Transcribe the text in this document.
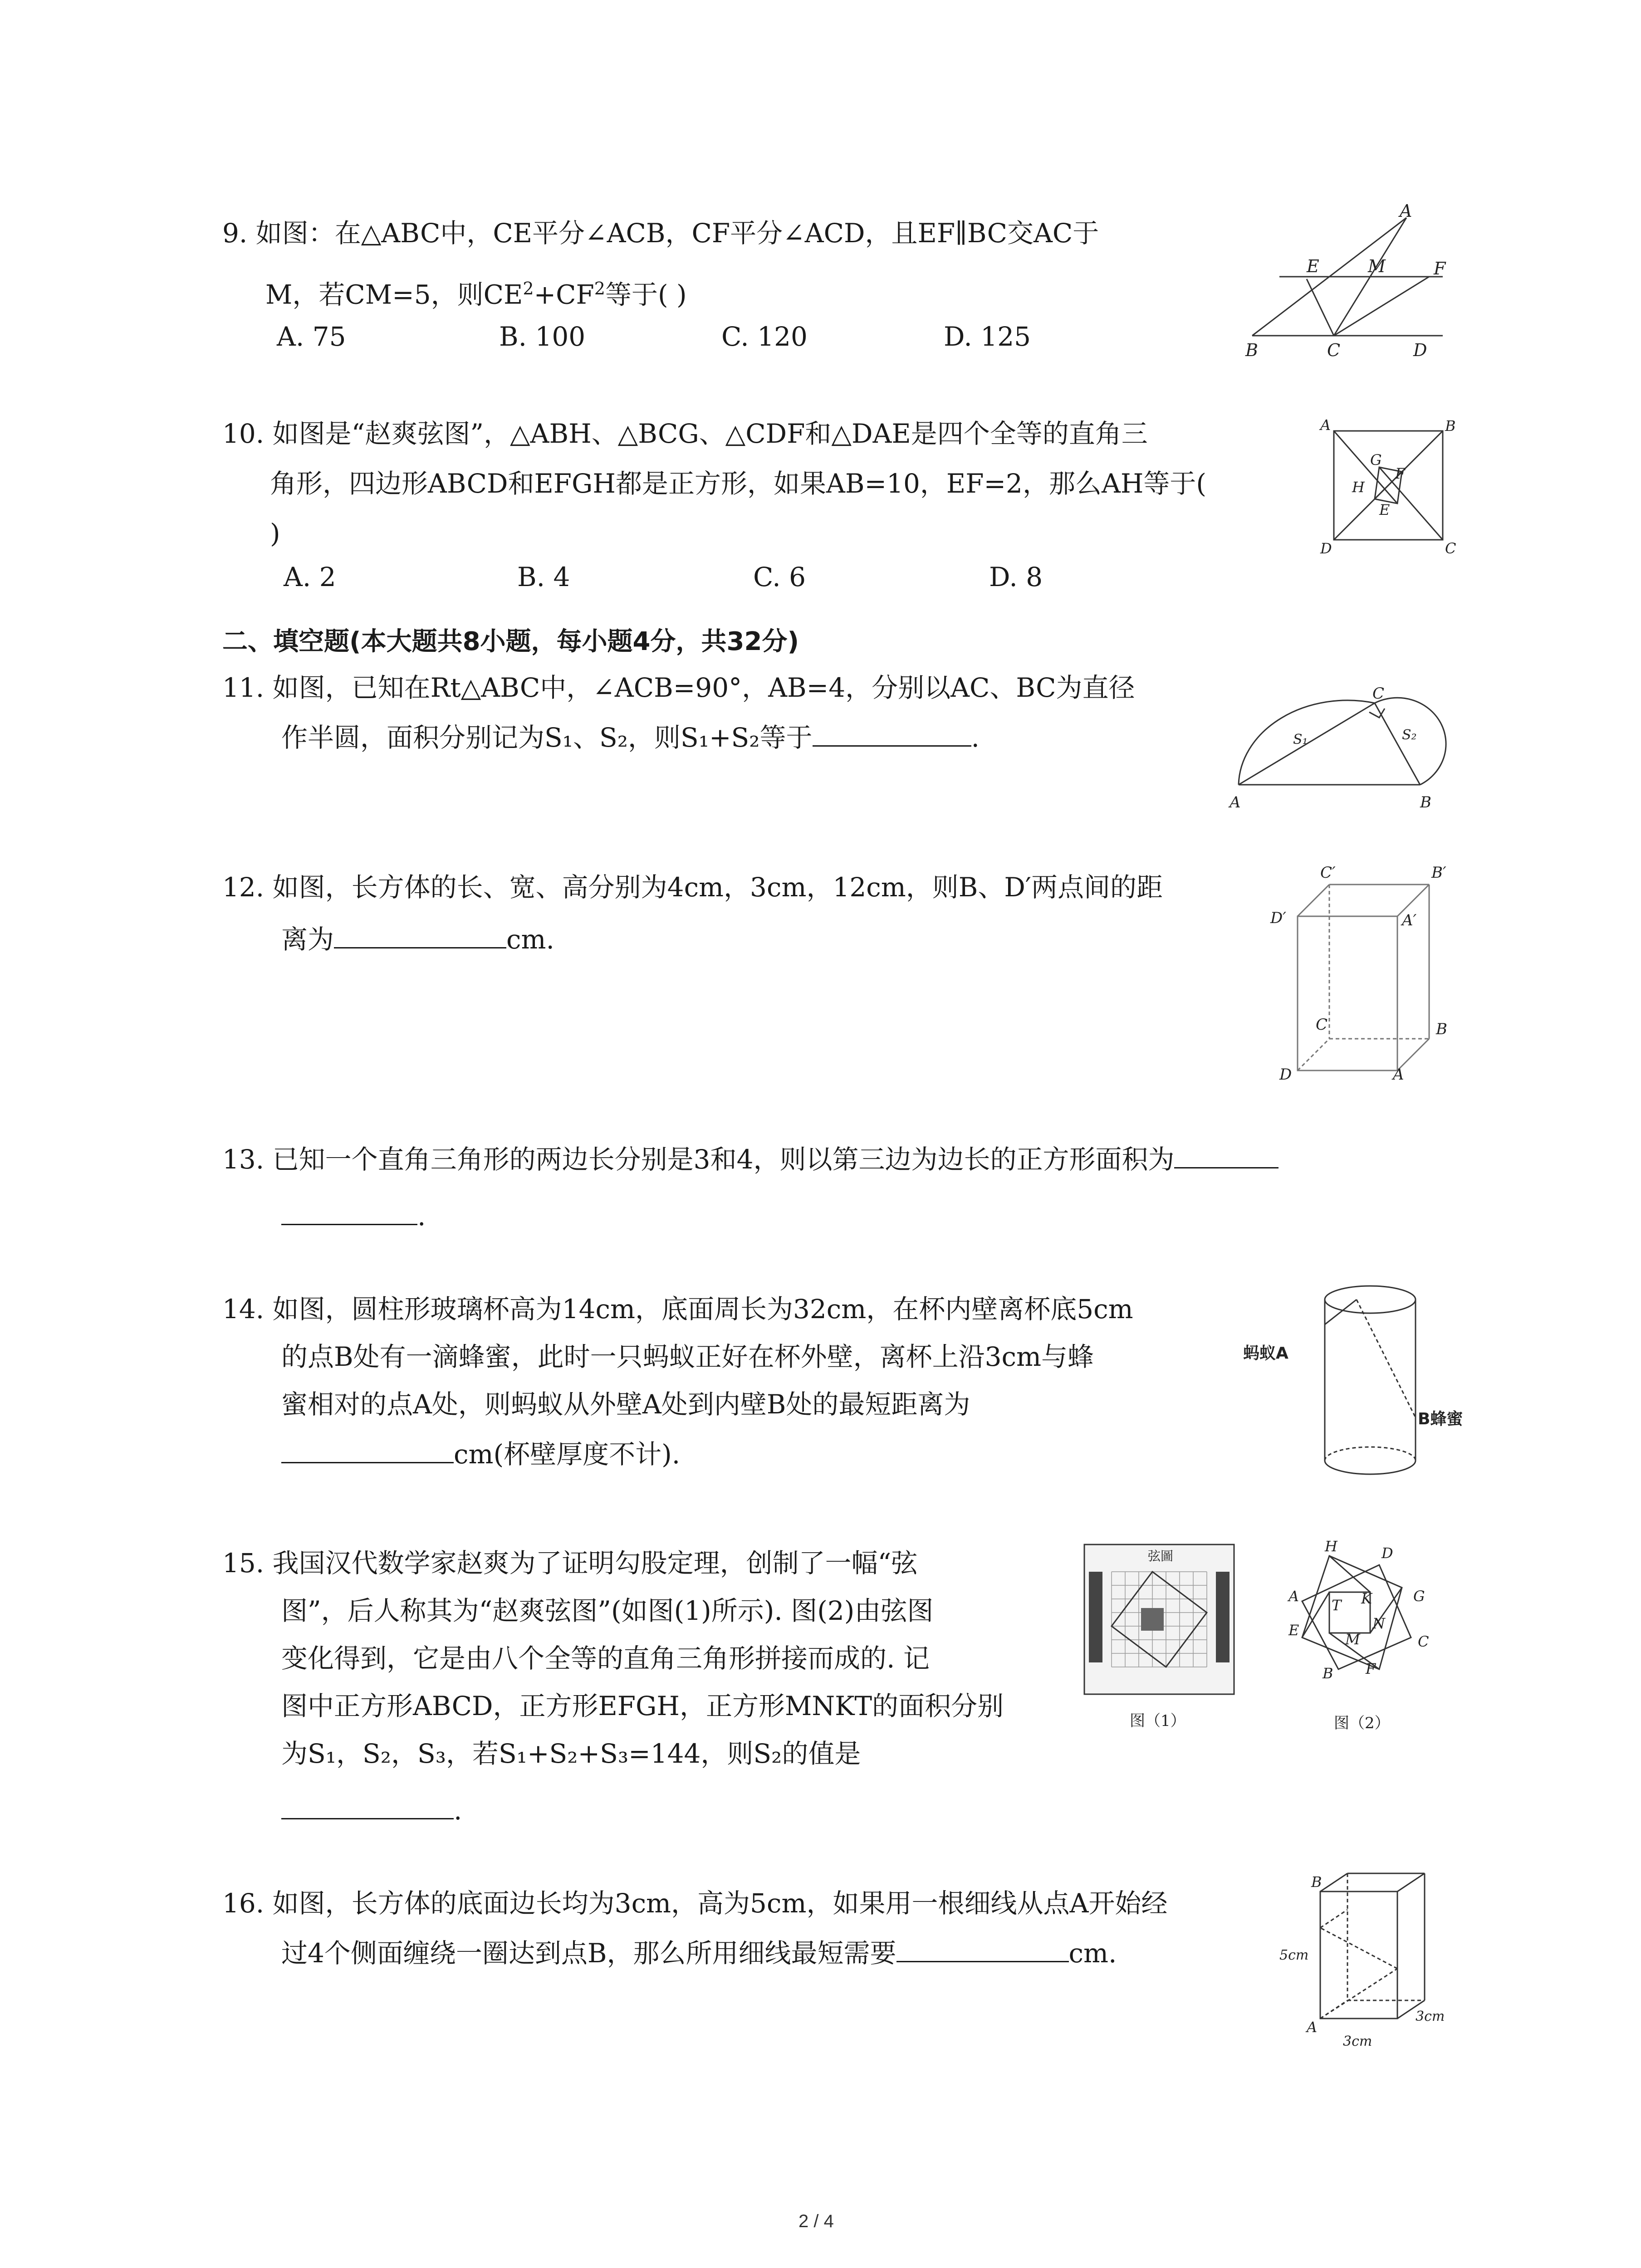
9. 如图：在△ABC中，CE平分∠ACB，CF平分∠ACD，且EF∥BC交AC于
M，若CM=5，则$CE^2+CF^2$等于( )
A. 75	B. 100	C. 120	D. 125
A
E	M	F
B	C	D
10. 如图是“赵爽弦图”，△ABH、△BCG、△CDF和△DAE是四个全等的直角三
角形，四边形ABCD和EFGH都是正方形，如果AB=10，EF=2，那么AH等于(
)
A. 2	B. 4	C. 6	D. 8
A	B
G
F
H
E
D	C
二、填空题(本大题共8小题，每小题4分，共32分)
11. 如图，已知在Rt△ABC中，∠ACB=90°，AB=4，分别以AC、BC为直径
作半圆，面积分别记为S₁、S₂，则S₁+S₂等于	.
C
S₁	S₂
A	B
12. 如图，长方体的长、宽、高分别为4cm，3cm，12cm，则B、D′两点间的距
离为	cm.
C′	B′
D′	A′
C	B
D	A
13. 已知一个直角三角形的两边长分别是3和4，则以第三边为边长的正方形面积为
.
14. 如图，圆柱形玻璃杯高为14cm，底面周长为32cm，在杯内壁离杯底5cm
的点B处有一滴蜂蜜，此时一只蚂蚁正好在杯外壁，离杯上沿3cm与蜂
蜜相对的点A处，则蚂蚁从外壁A处到内壁B处的最短距离为
cm(杯壁厚度不计).
蚂蚁A
B蜂蜜
15. 我国汉代数学家赵爽为了证明勾股定理，创制了一幅“弦
图”，后人称其为“赵爽弦图”(如图(1)所示). 图(2)由弦图
变化得到，它是由八个全等的直角三角形拼接而成的. 记
图中正方形ABCD，正方形EFGH，正方形MNKT的面积分别
为S₁，S₂，S₃，若S₁+S₂+S₃=144，则S₂的值是
.
弦圖
图（1）
H	D
A
T K	G
E
M
N
C
F
B
图（2）
16. 如图，长方体的底面边长均为3cm，高为5cm，如果用一根细线从点A开始经
过4个侧面缠绕一圈达到点B，那么所用细线最短需要	cm.
B
5cm
A
3cm
3cm
2 / 4
